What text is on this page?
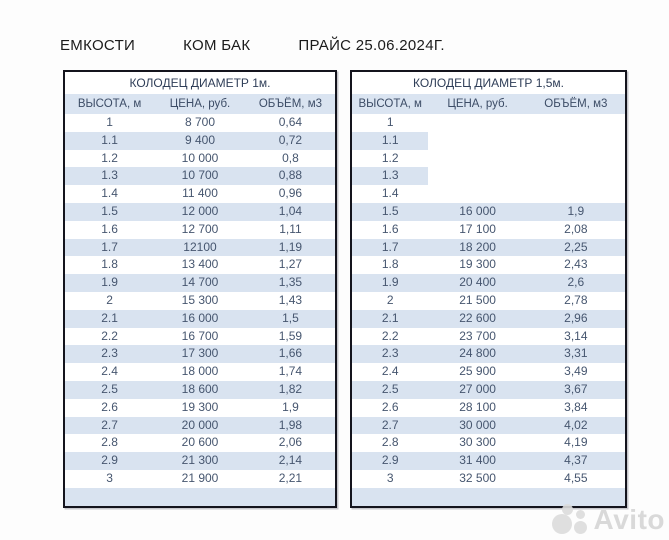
ЕМКОСТИ	КОМ БАК	ПРАЙС 25.06.2024Г.
КОЛОДЕЦ ДИАМЕТР 1м.
ВЫСОТА, м	ЦЕНА, руб.	ОБЪЁМ, м3
1	8 700	0,64
1.1	9 400	0,72
1.2	10 000	0,8
1.3	10 700	0,88
1.4	11 400	0,96
1.5	12 000	1,04
1.6	12 700	1,11
1.7	12100	1,19
1.8	13 400	1,27
1.9	14 700	1,35
2	15 300	1,43
2.1	16 000	1,5
2.2	16 700	1,59
2.3	17 300	1,66
2.4	18 000	1,74
2.5	18 600	1,82
2.6	19 300	1,9
2.7	20 000	1,98
2.8	20 600	2,06
2.9	21 300	2,14
3	21 900	2,21
КОЛОДЕЦ ДИАМЕТР 1,5м.
ВЫСОТА, м	ЦЕНА, руб.	ОБЪЁМ, м3
1
1.1
1.2
1.3
1.4
1.5	16 000	1,9
1.6	17 100	2,08
1.7	18 200	2,25
1.8	19 300	2,43
1.9	20 400	2,6
2	21 500	2,78
2.1	22 600	2,96
2.2	23 700	3,14
2.3	24 800	3,31
2.4	25 900	3,49
2.5	27 000	3,67
2.6	28 100	3,84
2.7	30 000	4,02
2.8	30 300	4,19
2.9	31 400	4,37
3	32 500	4,55
Avito
